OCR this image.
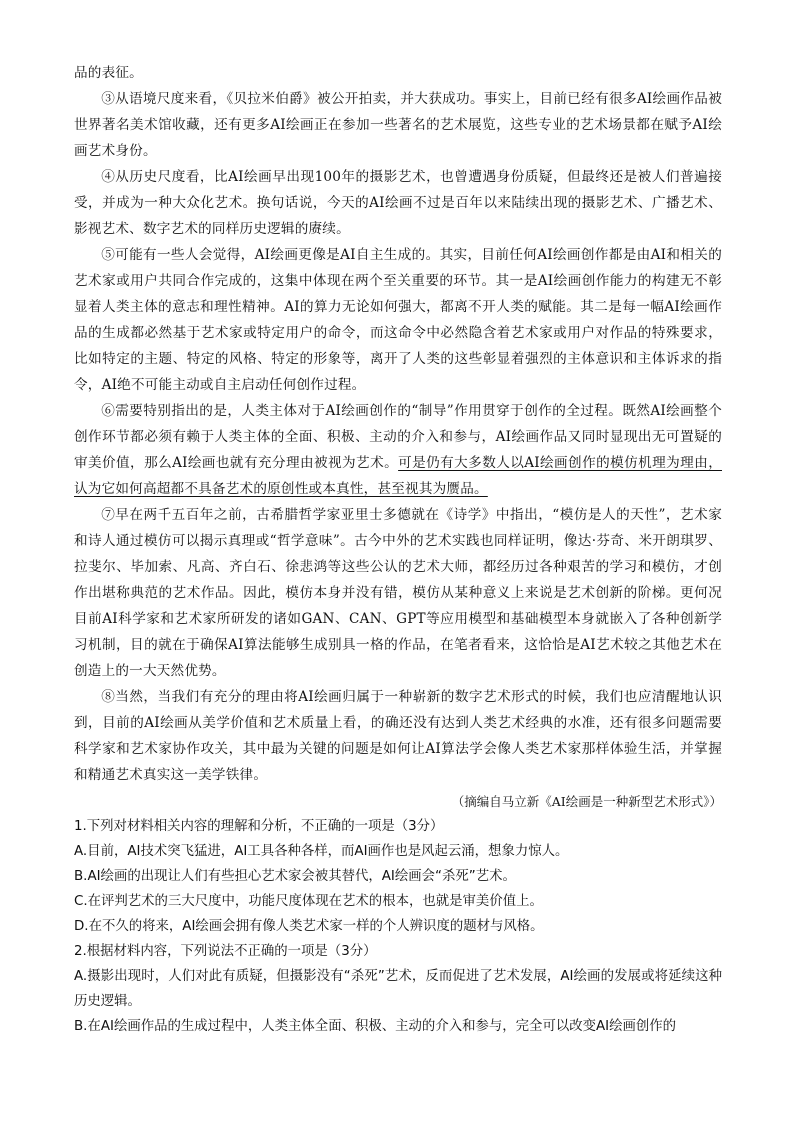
品的表征。

③从语境尺度来看，《贝拉米伯爵》被公开拍卖，并大获成功。事实上，目前已经有很多AI绘画作品被世界著名美术馆收藏，还有更多AI绘画正在参加一些著名的艺术展览，这些专业的艺术场景都在赋予AI绘画艺术身份。

④从历史尺度看，比AI绘画早出现100年的摄影艺术，也曾遭遇身份质疑，但最终还是被人们普遍接受，并成为一种大众化艺术。换句话说，今天的AI绘画不过是百年以来陆续出现的摄影艺术、广播艺术、影视艺术、数字艺术的同样历史逻辑的赓续。

⑤可能有一些人会觉得，AI绘画更像是AI自主生成的。其实，目前任何AI绘画创作都是由AI和相关的艺术家或用户共同合作完成的，这集中体现在两个至关重要的环节。其一是AI绘画创作能力的构建无不彰显着人类主体的意志和理性精神。AI的算力无论如何强大，都离不开人类的赋能。其二是每一幅AI绘画作品的生成都必然基于艺术家或特定用户的命令，而这命令中必然隐含着艺术家或用户对作品的特殊要求，比如特定的主题、特定的风格、特定的形象等，离开了人类的这些彰显着强烈的主体意识和主体诉求的指令，AI绝不可能主动或自主启动任何创作过程。

⑥需要特别指出的是，人类主体对于AI绘画创作的“制导”作用贯穿于创作的全过程。既然AI绘画整个创作环节都必须有赖于人类主体的全面、积极、主动的介入和参与，AI绘画作品又同时显现出无可置疑的审美价值，那么AI绘画也就有充分理由被视为艺术。可是仍有大多数人以AI绘画创作的模仿机理为理由，认为它如何高超都不具备艺术的原创性或本真性，甚至视其为赝品。

⑦早在两千五百年之前，古希腊哲学家亚里士多德就在《诗学》中指出，“模仿是人的天性”，艺术家和诗人通过模仿可以揭示真理或“哲学意味”。古今中外的艺术实践也同样证明，像达·芬奇、米开朗琪罗、拉斐尔、毕加索、凡高、齐白石、徐悲鸿等这些公认的艺术大师，都经历过各种艰苦的学习和模仿，才创作出堪称典范的艺术作品。因此，模仿本身并没有错，模仿从某种意义上来说是艺术创新的阶梯。更何况目前AI科学家和艺术家所研发的诸如GAN、CAN、GPT等应用模型和基础模型本身就嵌入了各种创新学习机制，目的就在于确保AI算法能够生成别具一格的作品，在笔者看来，这恰恰是AI艺术较之其他艺术在创造上的一大天然优势。

⑧当然，当我们有充分的理由将AI绘画归属于一种崭新的数字艺术形式的时候，我们也应清醒地认识到，目前的AI绘画从美学价值和艺术质量上看，的确还没有达到人类艺术经典的水准，还有很多问题需要科学家和艺术家协作攻关，其中最为关键的问题是如何让AI算法学会像人类艺术家那样体验生活，并掌握和精通艺术真实这一美学铁律。

（摘编自马立新《AI绘画是一种新型艺术形式》）

1.下列对材料相关内容的理解和分析，不正确的一项是（3分）

A.目前，AI技术突飞猛进，AI工具各种各样，而AI画作也是风起云涌，想象力惊人。

B.AI绘画的出现让人们有些担心艺术家会被其替代，AI绘画会“杀死”艺术。

C.在评判艺术的三大尺度中，功能尺度体现在艺术的根本，也就是审美价值上。

D.在不久的将来，AI绘画会拥有像人类艺术家一样的个人辨识度的题材与风格。

2.根据材料内容，下列说法不正确的一项是（3分）

A.摄影出现时，人们对此有质疑，但摄影没有“杀死”艺术，反而促进了艺术发展，AI绘画的发展或将延续这种历史逻辑。

B.在AI绘画作品的生成过程中，人类主体全面、积极、主动的介入和参与，完全可以改变AI绘画创作的
